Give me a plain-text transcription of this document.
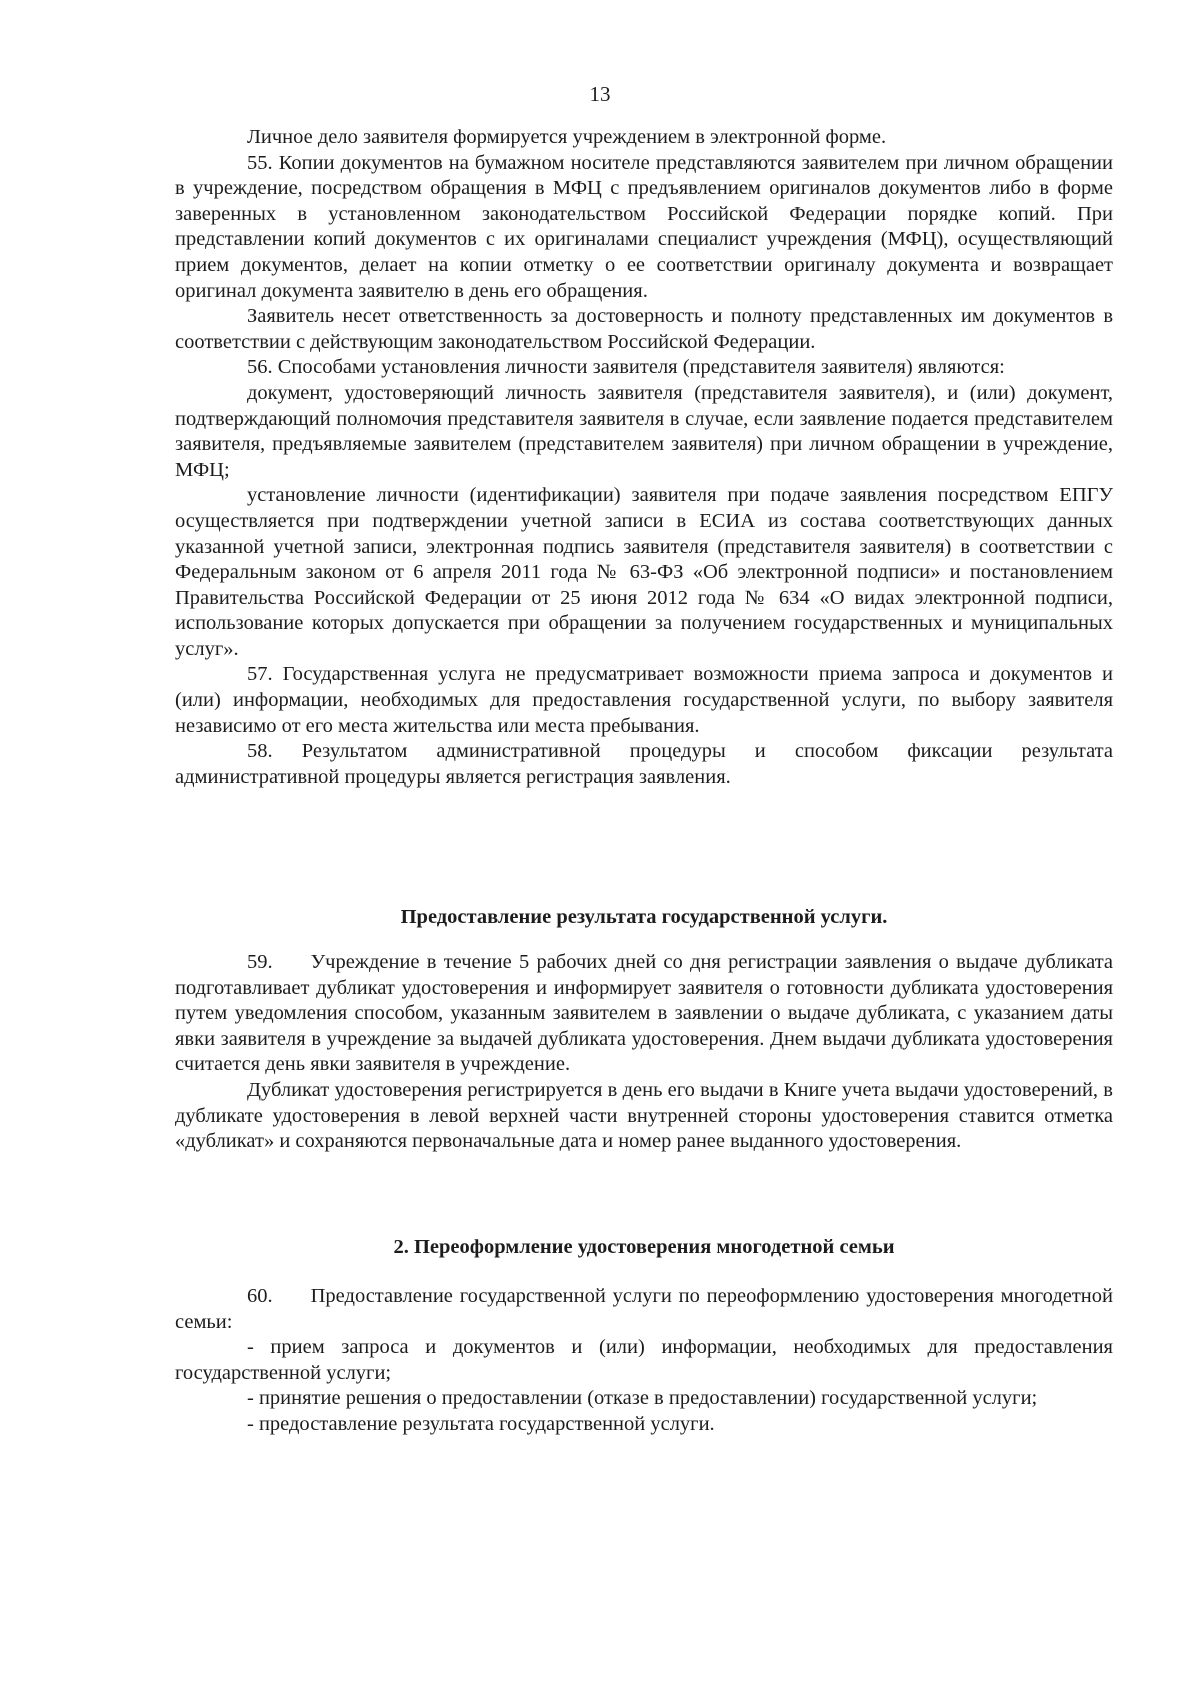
13

Личное дело заявителя формируется учреждением в электронной форме.

55. Копии документов на бумажном носителе представляются заявителем при личном обращении в учреждение, посредством обращения в МФЦ с предъявлением оригиналов документов либо в форме заверенных в установленном законодательством Российской Федерации порядке копий. При представлении копий документов с их оригиналами специалист учреждения (МФЦ), осуществляющий прием документов, делает на копии отметку о ее соответствии оригиналу документа и возвращает оригинал документа заявителю в день его обращения.

Заявитель несет ответственность за достоверность и полноту представленных им документов в соответствии с действующим законодательством Российской Федерации.

56. Способами установления личности заявителя (представителя заявителя) являются:

документ, удостоверяющий личность заявителя (представителя заявителя), и (или) документ, подтверждающий полномочия представителя заявителя в случае, если заявление подается представителем заявителя, предъявляемые заявителем (представителем заявителя) при личном обращении в учреждение, МФЦ;

установление личности (идентификации) заявителя при подаче заявления посредством ЕПГУ осуществляется при подтверждении учетной записи в ЕСИА из состава соответствующих данных указанной учетной записи, электронная подпись заявителя (представителя заявителя) в соответствии с Федеральным законом от 6 апреля 2011 года № 63-ФЗ «Об электронной подписи» и постановлением Правительства Российской Федерации от 25 июня 2012 года № 634 «О видах электронной подписи, использование которых допускается при обращении за получением государственных и муниципальных услуг».

57. Государственная услуга не предусматривает возможности приема запроса и документов и (или) информации, необходимых для предоставления государственной услуги, по выбору заявителя независимо от его места жительства или места пребывания.

58. Результатом административной процедуры и способом фиксации результата административной процедуры является регистрация заявления.

Предоставление результата государственной услуги.

59. Учреждение в течение 5 рабочих дней со дня регистрации заявления о выдаче дубликата подготавливает дубликат удостоверения и информирует заявителя о готовности дубликата удостоверения путем уведомления способом, указанным заявителем в заявлении о выдаче дубликата, с указанием даты явки заявителя в учреждение за выдачей дубликата удостоверения. Днем выдачи дубликата удостоверения считается день явки заявителя в учреждение.

Дубликат удостоверения регистрируется в день его выдачи в Книге учета выдачи удостоверений, в дубликате удостоверения в левой верхней части внутренней стороны удостоверения ставится отметка «дубликат» и сохраняются первоначальные дата и номер ранее выданного удостоверения.

2. Переоформление удостоверения многодетной семьи

60. Предоставление государственной услуги по переоформлению удостоверения многодетной семьи:

- прием запроса и документов и (или) информации, необходимых для предоставления государственной услуги;

- принятие решения о предоставлении (отказе в предоставлении) государственной услуги;

- предоставление результата государственной услуги.
